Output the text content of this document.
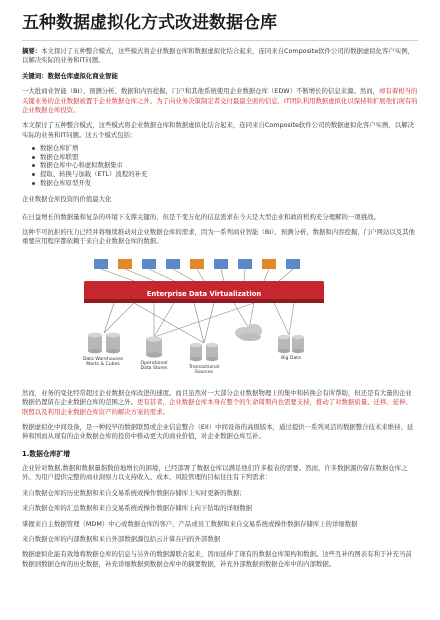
五种数据虚拟化方式改进数据仓库

摘要：本文探讨了五种整合模式，这些模式将企业数据仓库和数据虚拟化结合起来，连同来自Composite软件公司的数据虚拟化客户实例，以解决实际的业务和IT问题。

关键词：数据仓库虚拟化商业智能

一大批商业智能（BI）、预测分析、数据和内容挖掘，门户和其他系统使用企业数据仓库（EDW）不断增长的信息来源。然而，却有着相当的关键业务的企业数据被置于企业数据仓库之外。为了向业务决策制定者交付最最全面的信息，IT团队利用数据虚拟化以保持和扩展他们现有的企业数据仓库投资。

本文探讨了五种整合模式，这些模式将企业数据仓库和数据虚拟化结合起来，连同来自Composite软件公司的数据虚拟化客户实例，以解决实际的业务和IT问题。这五个模式包括：

数据仓库扩增
数据仓库联盟
数据仓库中心和虚拟数据集市
提取、转换与加载（ETL）流程的补充
数据仓库原型开发

企业数据仓库投资的价值最大化

在日益增长的数据量和复杂的环境下支撑关键的、但是千变万化的信息需求在今天是大型企业和政府机构充分理解的一项挑战。

这种不可抗拒的压力已经并将继续推动对企业数据仓库的需求，因为一系列商业智能（BI）、预测分析、数据和内容挖掘，门户网站以及其他重要应用程序都依赖于来自企业数据仓库的数据。

Enterprise Data Virtualization
Data Warehouses
Marts & Cubes	Operational
Data Stores	Transactional
Sources
Big Data

然而，业务的变化经常超过企业数据仓库改进的速度。而且虽然对一大部分企业数据物理上的集中和转换会有所帮助，但还是有大量的企业数据仍置留在企业数据仓库的范围之外。更有甚者，企业数据仓库本身在整个的生命周期内也需要支持，推动了对数据质量、迁移、延伸、联盟以及利用企业数据仓库资产的解决方案的需求。

数据虚拟化中间设备，是一种较早的数据联盟或企业信息整合（EII）中间设备的高级版本，通过提供一系列灵活的数据整合技术来维持、延伸和国而从现有的企业数据仓库的投资中推动更大的商业价值，对企业数据仓库互补。

1.数据仓库扩增

企业针对数据,数据和数据量指数倍地增长的困境，已经部署了数据仓库以满足他们许多报表的需要。然而，许多数据源仍留在数据仓库之外。为用户提供完整的商业洞察力以支持收入、成本、风险管理的目标往往有下列需求：

来自数据仓库的历史数据和来自交易系统或操作数据存储库上实时更新的数据；

来自数据仓库的汇总数据和来自交易系统或操作数据存储库上向下钻取的详细数据

掌握来自主数据管理（MDM）中心或数据仓库的客户、产品或员工数据和来自交易系统或操作数据存储库上的详细数据

来自数据仓库的内部数据和来自外部数据源包括云计算在内的外部数据

数据虚拟化能有效地将数据仓库的信息与另外的数据源联合起来，因而延伸了现有的数据仓库架构和数据。这些互补的图表有利于补充当前数据到数据仓库的历史数据，补充详细数据到数据仓库中的摘要数据，补充外部数据到数据仓库中的内部数据。
